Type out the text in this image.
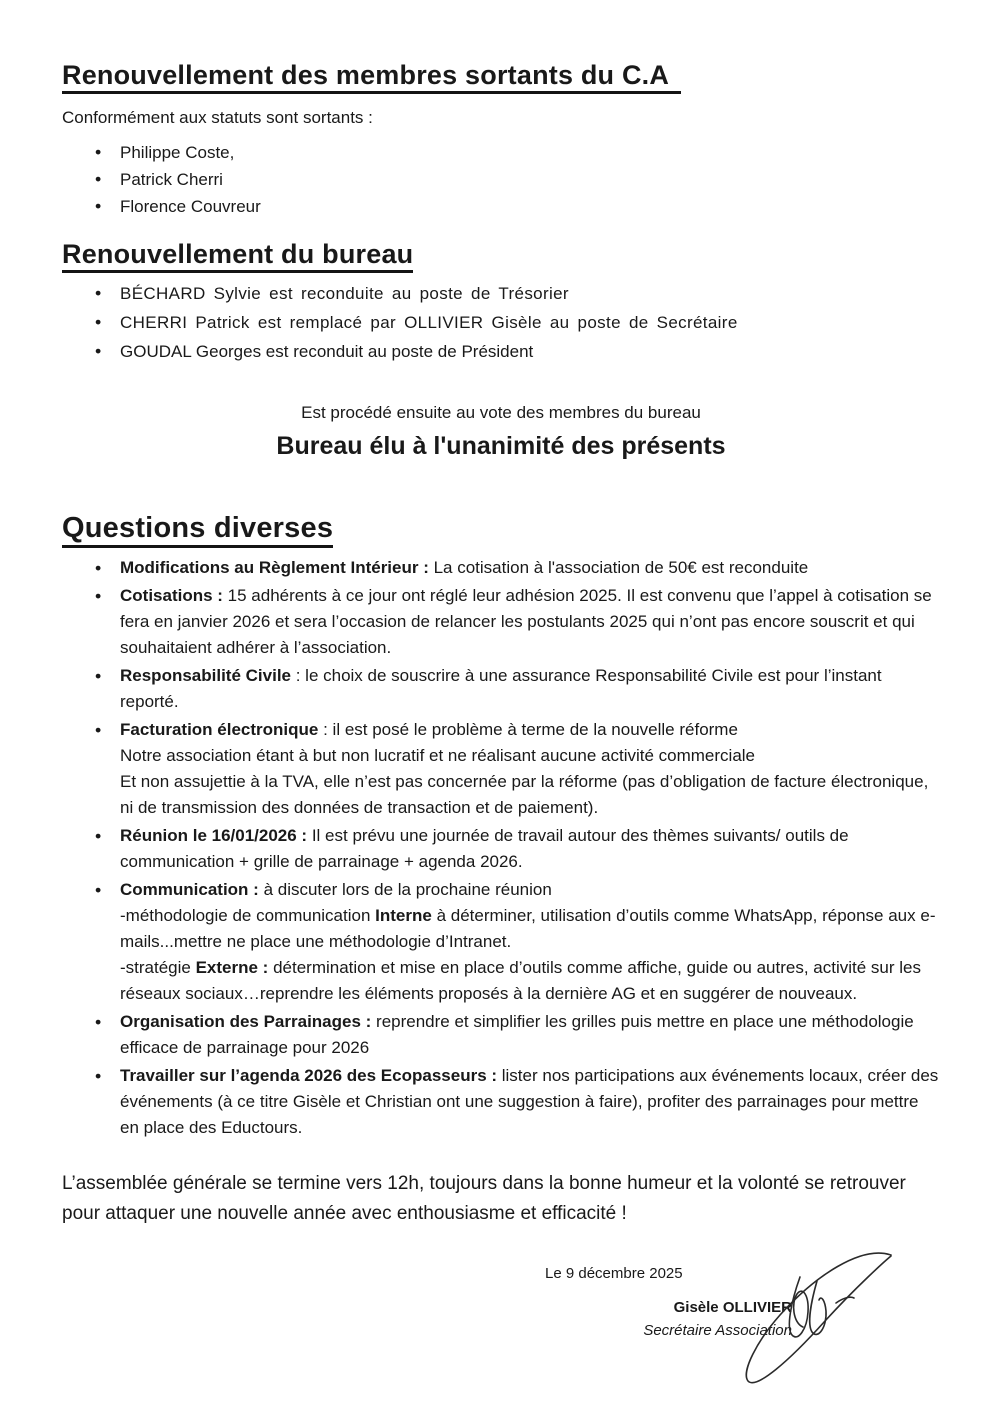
Renouvellement des membres sortants du C.A

Conformément aux statuts sont sortants :

• Philippe Coste,
• Patrick Cherri
• Florence Couvreur
Renouvellement du bureau
• BÉCHARD Sylvie est reconduite au poste de Trésorier
• CHERRI Patrick est remplacé par OLLIVIER Gisèle au poste de Secrétaire
• GOUDAL Georges est reconduit au poste de Président

Est procédé ensuite au vote des membres du bureau

Bureau élu à l'unanimité des présents

Questions diverses
• Modifications au Règlement Intérieur : La cotisation à l'association de 50€ est reconduite
• Cotisations : 15 adhérents à ce jour ont réglé leur adhésion 2025. Il est convenu que l’appel à cotisation se fera en janvier 2026 et sera l’occasion de relancer les postulants 2025 qui n’ont pas encore souscrit et qui souhaitaient adhérer à l’association.
• Responsabilité Civile : le choix de souscrire à une assurance Responsabilité Civile est pour l’instant reporté.
• Facturation électronique : il est posé le problème à terme de la nouvelle réforme
Notre association étant à but non lucratif et ne réalisant aucune activité commerciale
Et non assujettie à la TVA, elle n’est pas concernée par la réforme (pas d’obligation de facture électronique, ni de transmission des données de transaction et de paiement).
• Réunion le 16/01/2026 : Il est prévu une journée de travail autour des thèmes suivants/ outils de communication + grille de parrainage + agenda 2026.
• Communication : à discuter lors de la prochaine réunion
-méthodologie de communication Interne à déterminer, utilisation d’outils comme WhatsApp, réponse aux e-mails...mettre ne place une méthodologie d’Intranet.
-stratégie Externe : détermination et mise en place d’outils comme affiche, guide ou autres, activité sur les réseaux sociaux…reprendre les éléments proposés à la dernière AG et en suggérer de nouveaux.
• Organisation des Parrainages : reprendre et simplifier les grilles puis mettre en place une méthodologie efficace de parrainage pour 2026
• Travailler sur l’agenda 2026 des Ecopasseurs : lister nos participations aux événements locaux, créer des événements (à ce titre Gisèle et Christian ont une suggestion à faire), profiter des parrainages pour mettre en place des Eductours.

L’assemblée générale se termine vers 12h, toujours dans la bonne humeur et la volonté se retrouver pour attaquer une nouvelle année avec enthousiasme et efficacité !

Le 9 décembre 2025

Gisèle OLLIVIER
Secrétaire Association
